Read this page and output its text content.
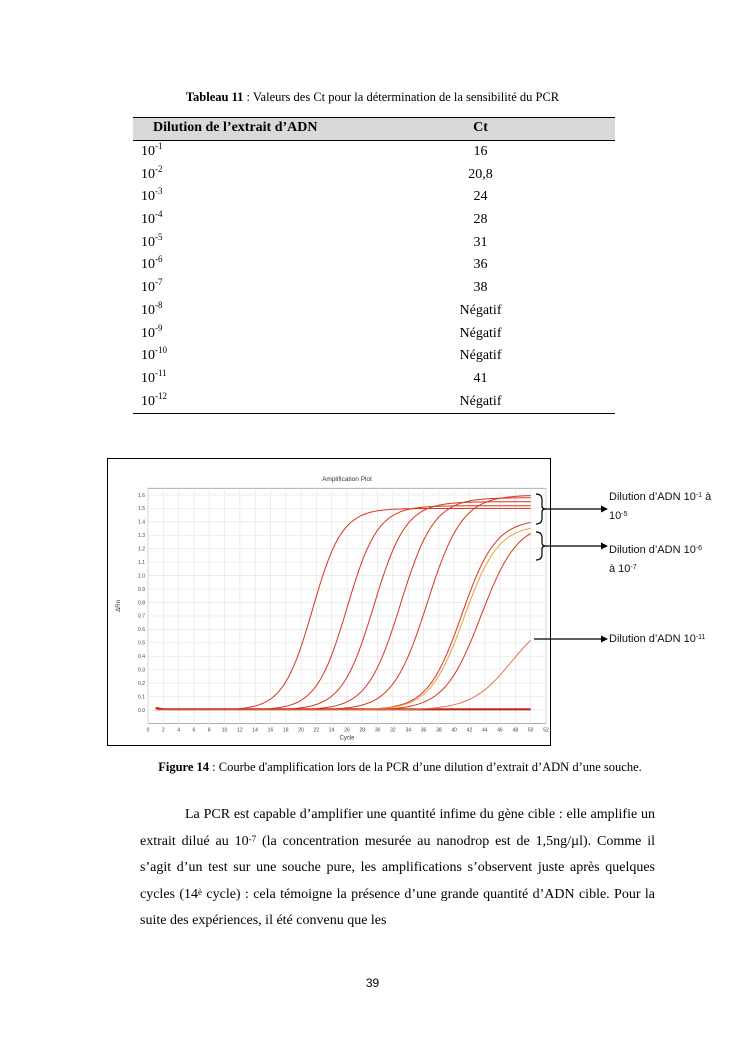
Tableau 11 : Valeurs des Ct pour la détermination de la sensibilité du PCR
Dilution de l’extrait d’ADN	Ct
$10^{-1}$	16
$10^{-2}$	20,8
$10^{-3}$	24
$10^{-4}$	28
$10^{-5}$	31
$10^{-6}$	36
$10^{-7}$	38
$10^{-8}$	Négatif
$10^{-9}$	Négatif
$10^{-10}$	Négatif
$10^{-11}$	41
$10^{-12}$	Négatif
Amplification Plot
0	2	4	6	8 10 12 14 16 18 20 22 24 26 28 30 32 34 36 38 40 42 44 46 48 50 52
0.0
0.1
0.2
0.3
0.4
0.5
0.6
0.7
0.8
0.9
1.0
1.1
1.2
1.3
1.4
1.5
1.6
Cycle
ΔRn
Dilution d’ADN $10^{-1}$ à
$10^{-5}$
Dilution d’ADN $10^{-6}$
à $10^{-7}$
Dilution d’ADN $10^{-11}$
Figure 14 : Courbe d'amplification lors de la PCR d’une dilution d’extrait d’ADN d’une souche.

La PCR est capable d’amplifier une quantité infime du gène cible : elle amplifie un extrait dilué au $10^{-7}$ (la concentration mesurée au nanodrop est de 1,5ng/µl). Comme il s’agit d’un test sur une souche pure, les amplifications s’observent juste après quelques cycles ($14^è$ cycle) : cela témoigne la présence d’une grande quantité d’ADN cible. Pour la suite des expériences, il été convenu que les

39
